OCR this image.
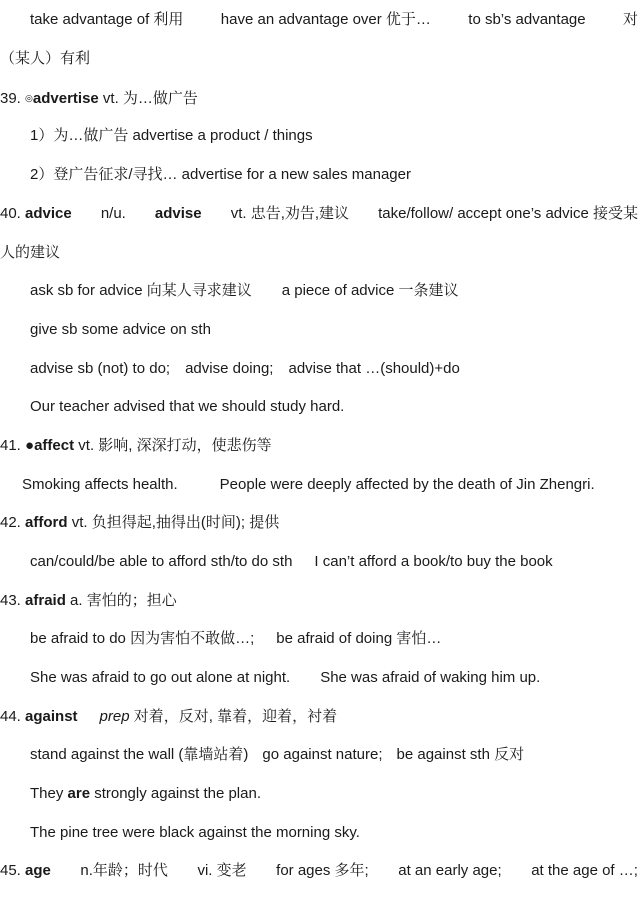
take advantage of 利用 have an advantage over 优于… to sb’s advantage 对
（某人）有利
39. ◎advertise vt. 为…做广告
1）为…做广告 advertise a product / things
2）登广告征求/寻找… advertise for a new sales manager
40. advice n/u. advise vt. 忠告,劝告,建议 take/follow/ accept one’s advice 接受某
人的建议
ask sb for advice 向某人寻求建议 a piece of advice 一条建议
give sb some advice on sth
advise sb (not) to do; advise doing; advise that …(should)+do
Our teacher advised that we should study hard.
41. ●affect vt. 影响, 深深打动，使悲伤等
Smoking affects health.	People were deeply affected by the death of Jin Zhengri.
42. afford vt. 负担得起,抽得出(时间); 提供
can/could/be able to afford sth/to do sth I can’t afford a book/to buy the book
43. afraid a. 害怕的；担心
be afraid to do 因为害怕不敢做…; be afraid of doing 害怕…
She was afraid to go out alone at night. She was afraid of waking him up.
44. against prep 对着，反对, 靠着，迎着，衬着
stand against the wall (靠墙站着) go against nature; be against sth 反对
They are strongly against the plan.
The pine tree were black against the morning sky.
45. age n.年龄；时代 vi. 变老 for ages 多年; at an early age; at the age of …;
